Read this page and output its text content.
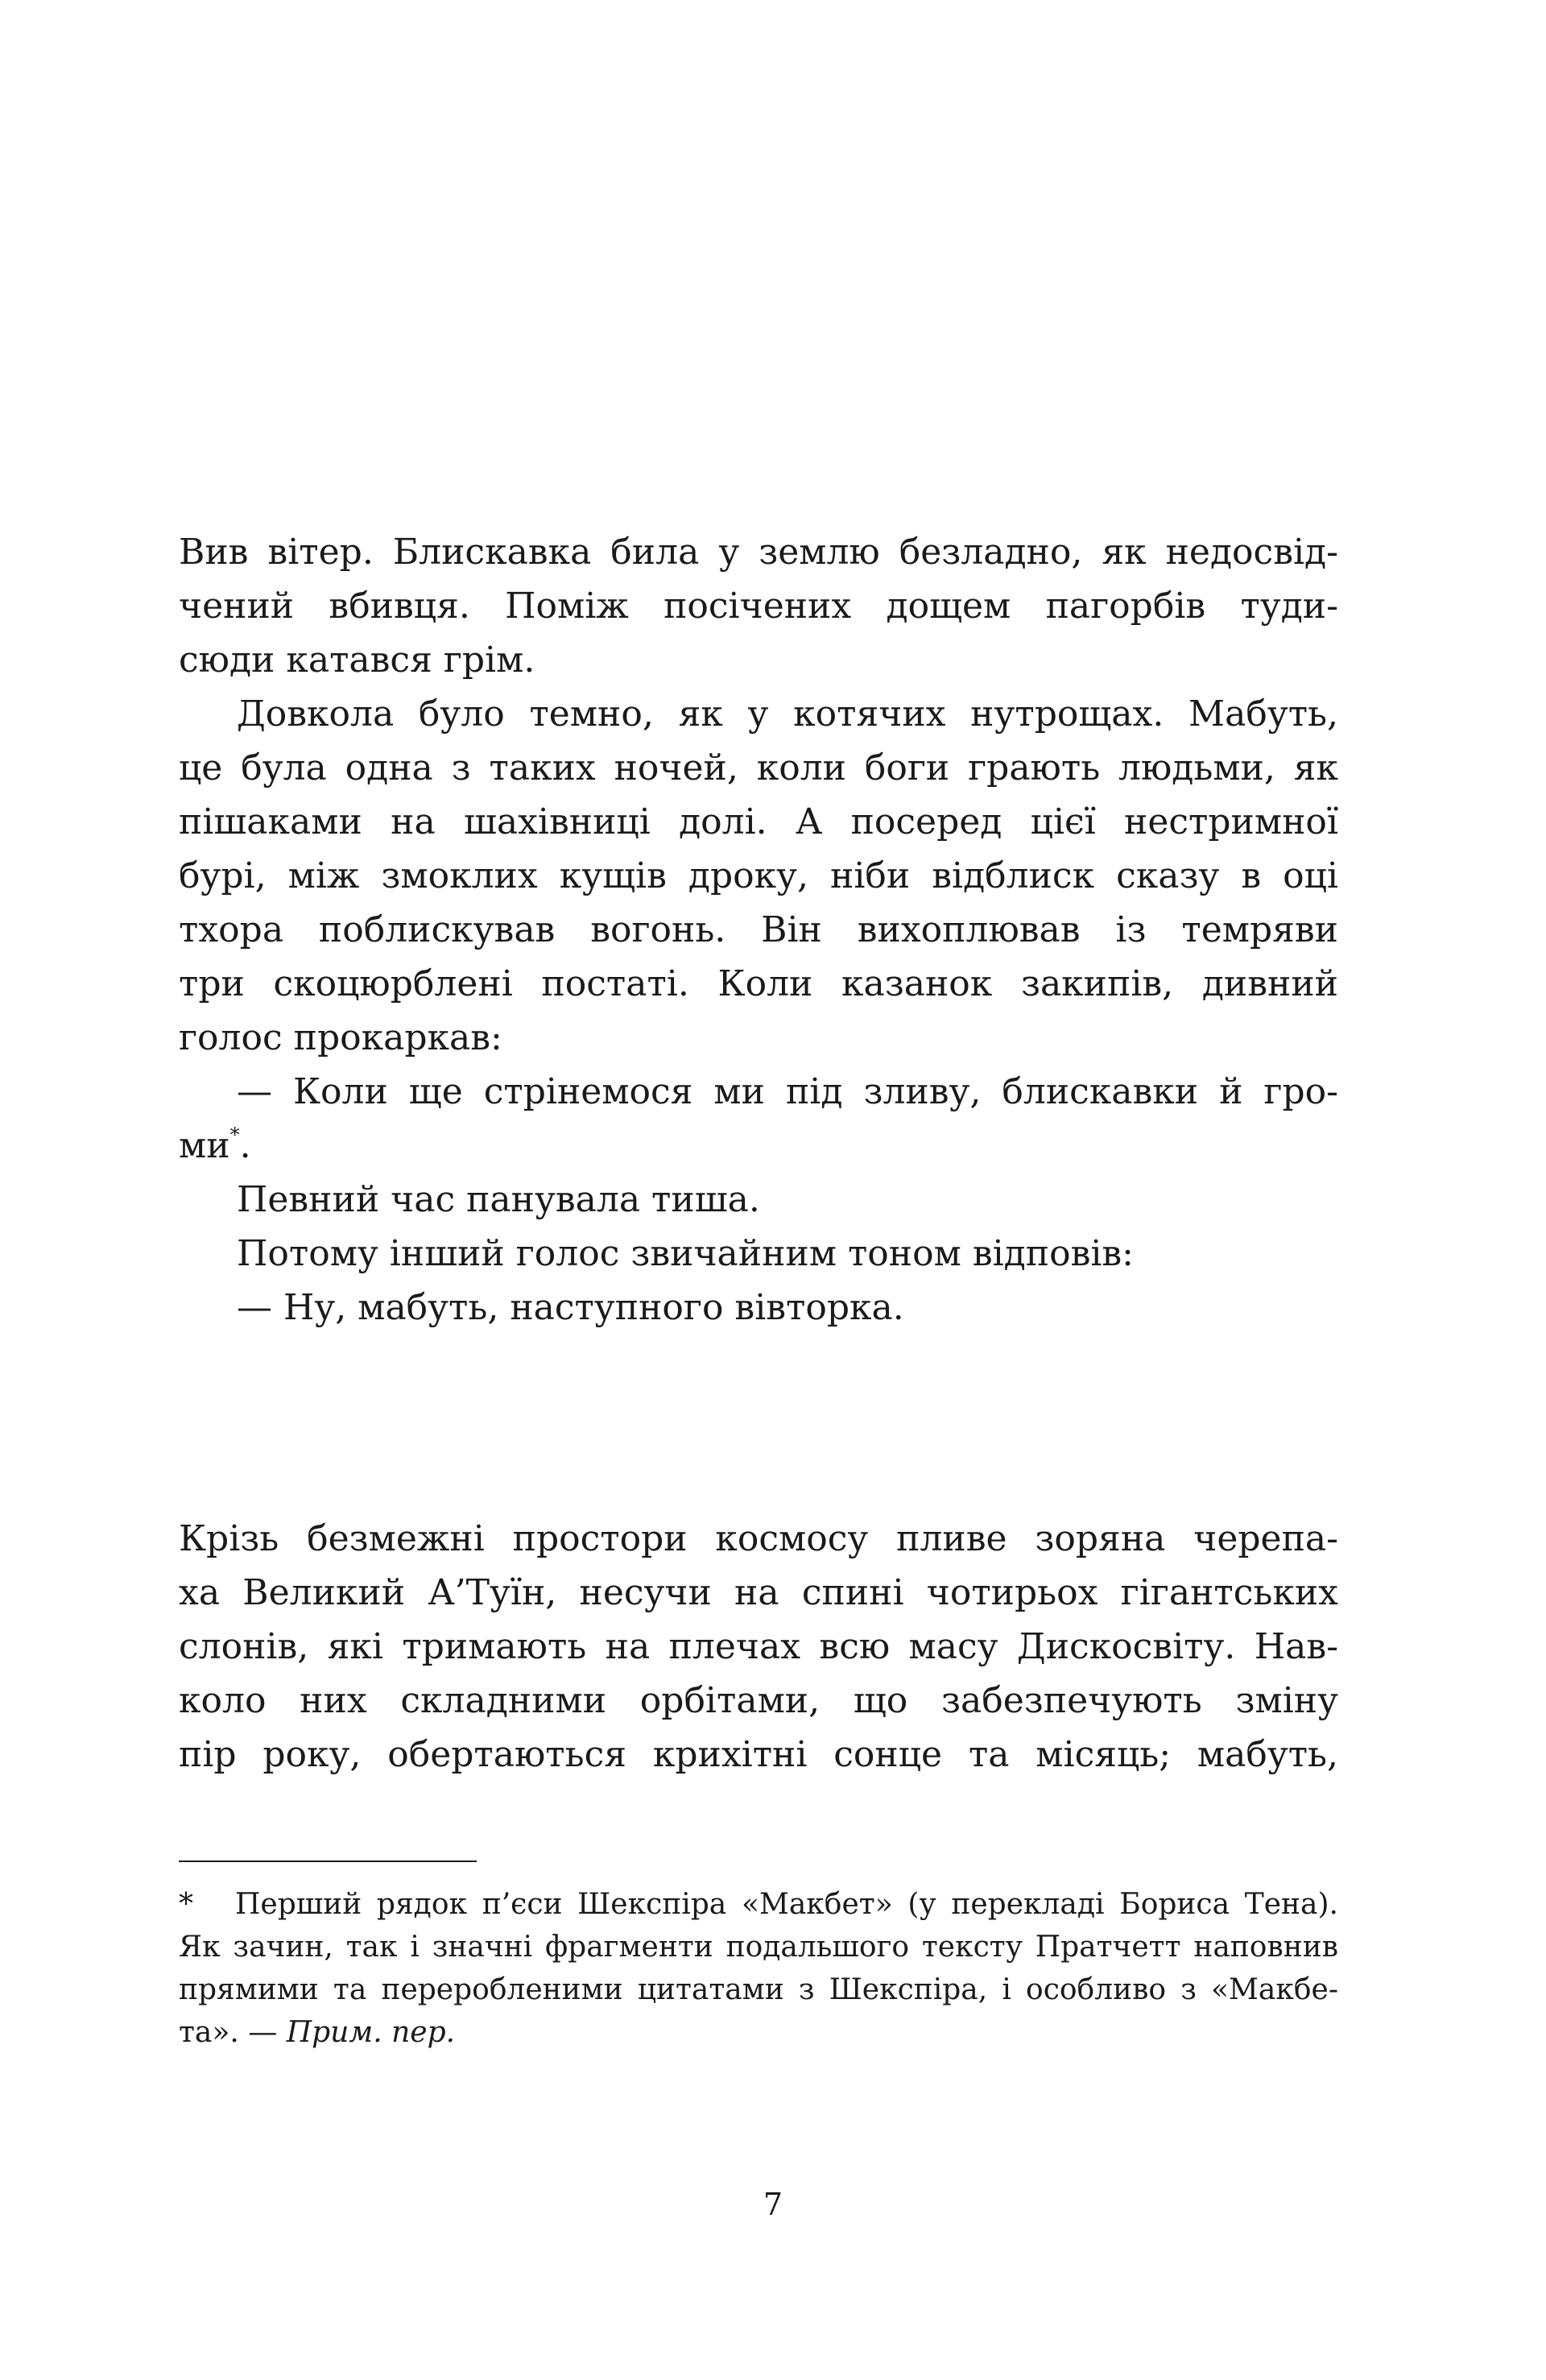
Вив вітер. Блискавка била у землю безладно, як недосвід-
чений вбивця. Поміж посічених дощем пагорбів туди-
сюди катався грім.
Довкола було темно, як у котячих нутрощах. Мабуть,
це була одна з таких ночей, коли боги грають людьми, як
пішаками на шахівниці долі. А посеред цієї нестримної
бурі, між змоклих кущів дроку, ніби відблиск сказу в оці
тхора поблискував вогонь. Він вихоплював із темряви
три скоцюрблені постаті. Коли казанок закипів, дивний
голос прокаркав:
— Коли ще стрінемося ми під зливу, блискавки й гро-
ми*.
Певний час панувала тиша.
Потому інший голос звичайним тоном відповів:
— Ну, мабуть, наступного вівторка.
Крізь безмежні простори космосу пливе зоряна черепа-
ха Великий А’Туїн, несучи на спині чотирьох гігантських
слонів, які тримають на плечах всю масу Дискосвіту. Нав-
коло них складними орбітами, що забезпечують зміну
пір року, обертаються крихітні сонце та місяць; мабуть,
*	Перший рядок п’єси Шекспіра «Макбет» (у перекладі Бориса Тена).
Як зачин, так і значні фрагменти подальшого тексту Пратчетт наповнив
прямими та переробленими цитатами з Шекспіра, і особливо з «Макбе-
та». — Прим. пер.
7
